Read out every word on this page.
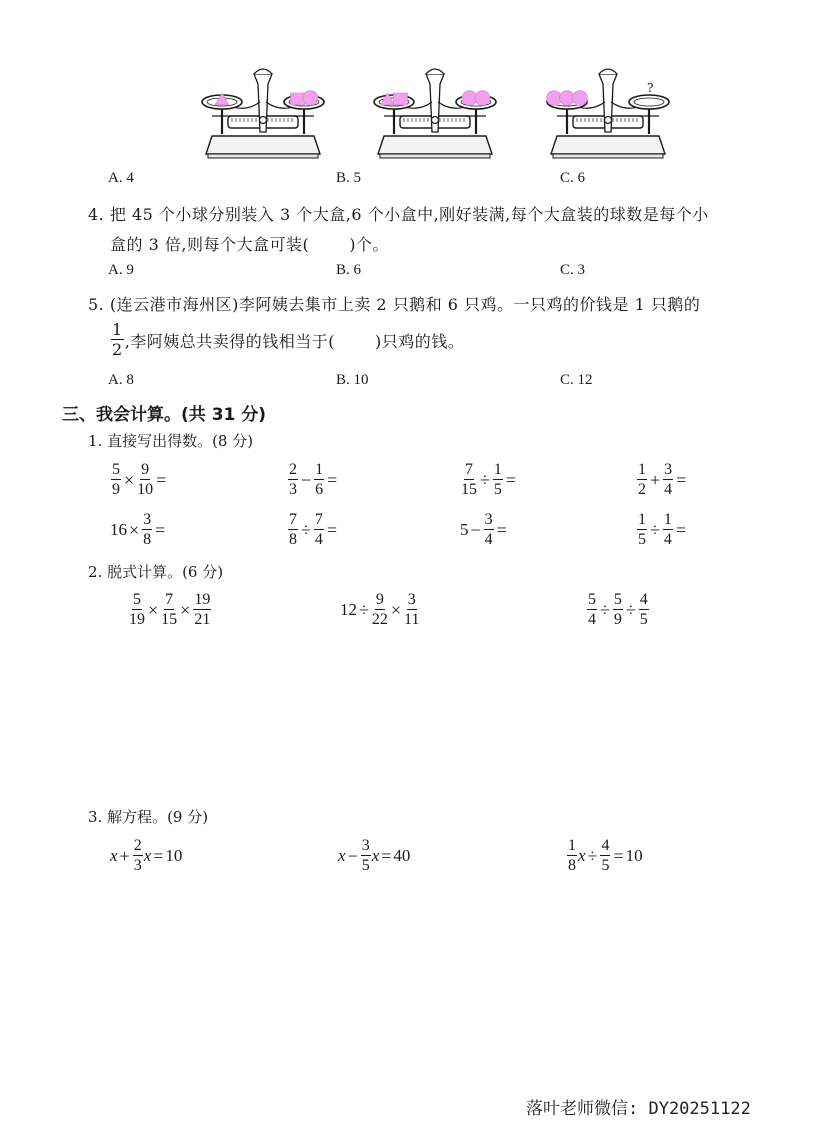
?
A. 4	B. 5	C. 6
4. 把 45 个小球分别装入 3 个大盒,6 个小盒中,刚好装满,每个大盒装的球数是每个小
盒的 3 倍,则每个大盒可装(	)个。
A. 9	B. 6	C. 3
5. (连云港市海州区)李阿姨去集市上卖 2 只鹅和 6 只鸡。一只鸡的价钱是 1 只鹅的
$\frac{1}{2}$ ,李阿姨总共卖得的钱相当于(	)只鸡的钱。
A. 8	B. 10	C. 12
三、我会计算。(共 31 分)
1. 直接写出得数。(8 分)
$\frac{5}{9} \times \frac{9}{10}$ =	$\frac{2}{3} - \frac{1}{6}$ =	$\frac{7}{15} \div \frac{1}{5}$ =	$\frac{1}{2} + \frac{3}{4}$ =
$16 \times \frac{3}{8}$ =	$\frac{7}{8} \div \frac{7}{4}$ =	$5 - \frac{3}{4}$ =	$\frac{1}{5} \div \frac{1}{4}$ =
2. 脱式计算。(6 分)
$\frac{5}{19} \times \frac{7}{15} \times \frac{19}{21}$	$12 \div \frac{9}{22} \times \frac{3}{11}$	$\frac{5}{4} \div \frac{5}{9} \div \frac{4}{5}$
3. 解方程。(9 分)
$x + \frac{2}{3}$ x = 10	$x - \frac{3}{5}$ x = 40	$\frac{1}{8}$ $x \div \frac{4}{5} = 10$
落叶老师微信: DY20251122
